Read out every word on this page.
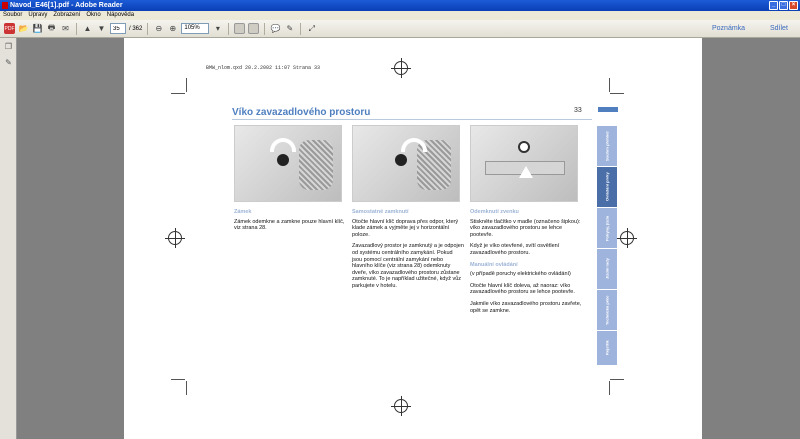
Navod_E46[1].pdf - Adobe Reader	_	□	×
Soubor Úpravy Zobrazení Okno Nápověda
PDF 📂 💾 🖶 ✉ ▲ ▼
35	/ 362 ⊖ ⊕	105%	▾	💬 ✎ ⤢	Poznámka	Sdílet
❐
✎
BMW_nlom.qxd 20.2.2002 11:07 Strana 33
Víko zavazadlového prostoru	33
Souhrn přehled
Ovládání prvky
Pokyny, jízda
Jízdní rady
Technická péče
Rejstřík
Zámek

Zámek odemkne a zamkne pouze hlavní klíč, viz strana 28.

Samostatné zamknutí

Otočte hlavní klíč doprava přes odpor, který klade zámek a vyjměte jej v horizontální poloze.

Zavazadlový prostor je zamknutý a je odpojen od systému centrálního zamykání. Pokud jsou pomocí centrální zamykání nebo hlavního klíče (viz strana 28) odemknuty dveře, víko zavazadlového prostoru zůstane zamknuté. To je například užitečné, když vůz parkujete v hotelu.

Odemknutí zvenku

Stiskněte tlačítko v madle (označeno šipkou): víko zavazadlového prostoru se lehce pootevře.

Když je víko otevřené, svítí osvětlení zavazadlového prostoru.

Manuální ovládání

(v případě poruchy elektrického ovládání)

Otočte hlavní klíč doleva, až naoraz: víko zavazadlového prostoru se lehce pootevře.

Jakmile víko zavazadlového prostoru zavřete, opět se zamkne.
